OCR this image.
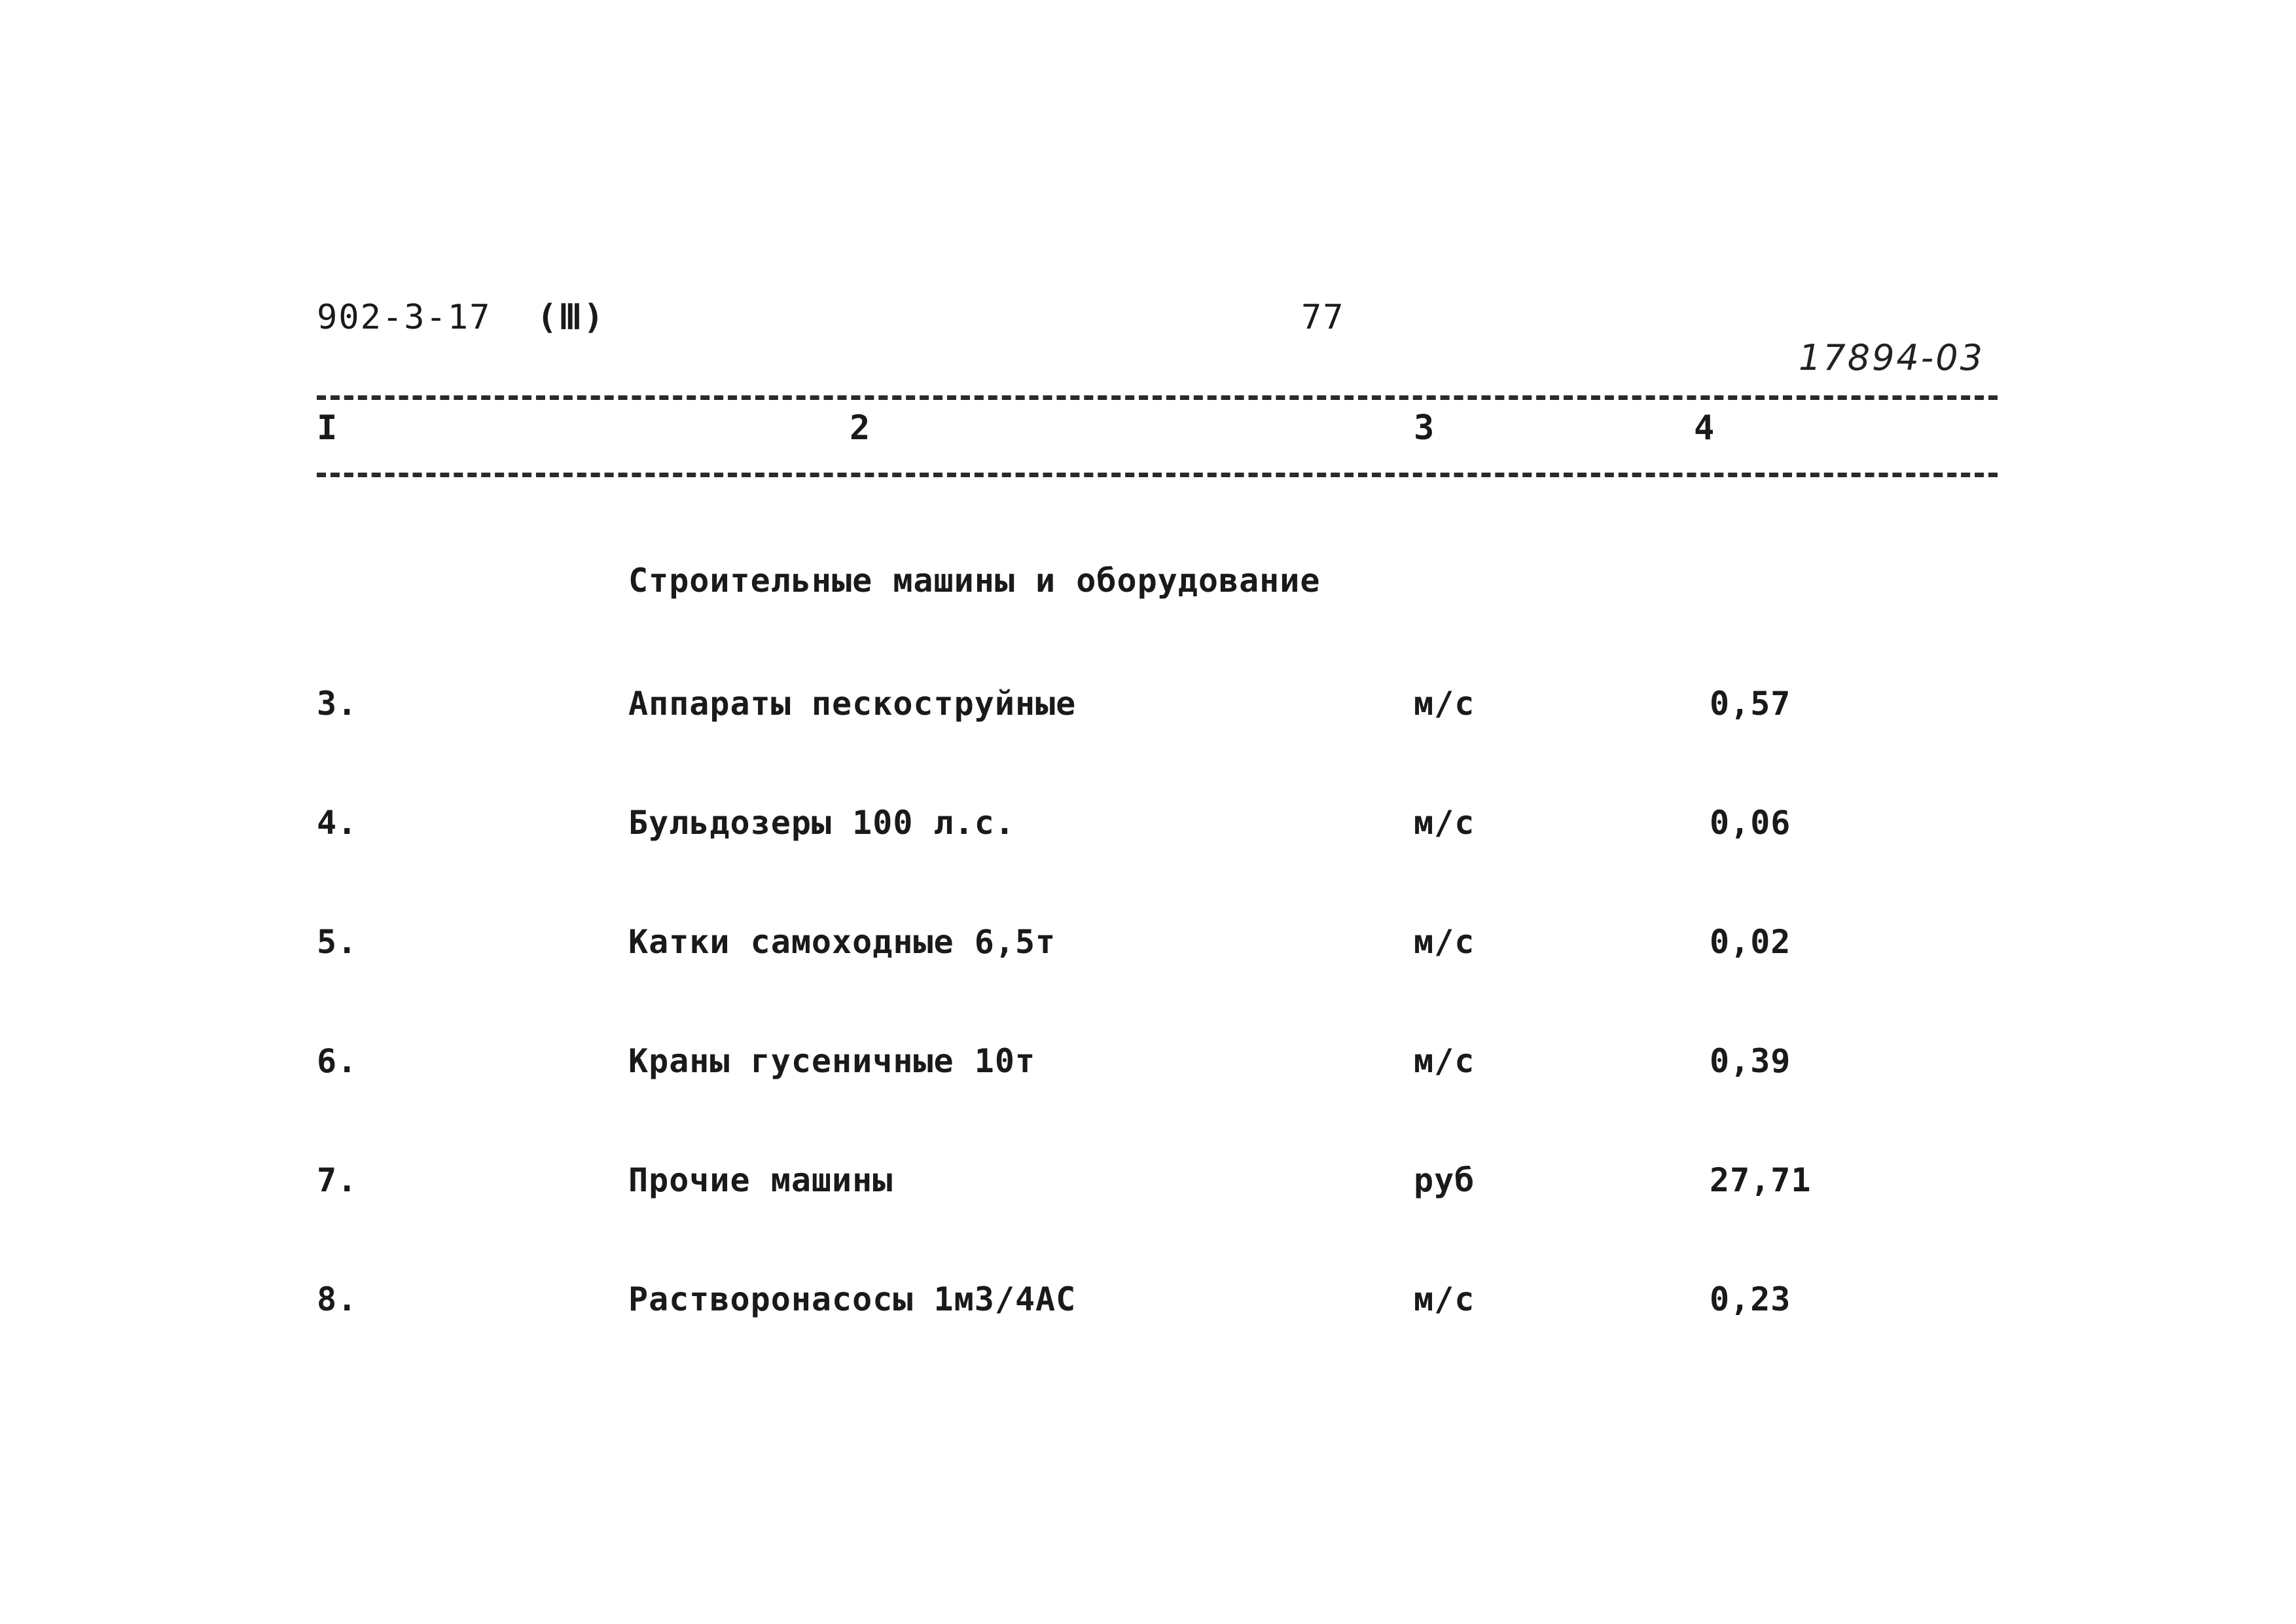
902-3-17 (Ⅲ)	77
17894-03
I	2	3	4
Строительные машины и оборудование
3.	Аппараты пескоструйные	м/с	0,57
4.	Бульдозеры 100 л.с.	м/с	0,06
5.	Катки самоходные 6,5т	м/с	0,02
6.	Краны гусеничные 10т	м/с	0,39
7.	Прочие машины	руб	27,71
8.	Растворонасосы 1м3/4АС	м/с	0,23
